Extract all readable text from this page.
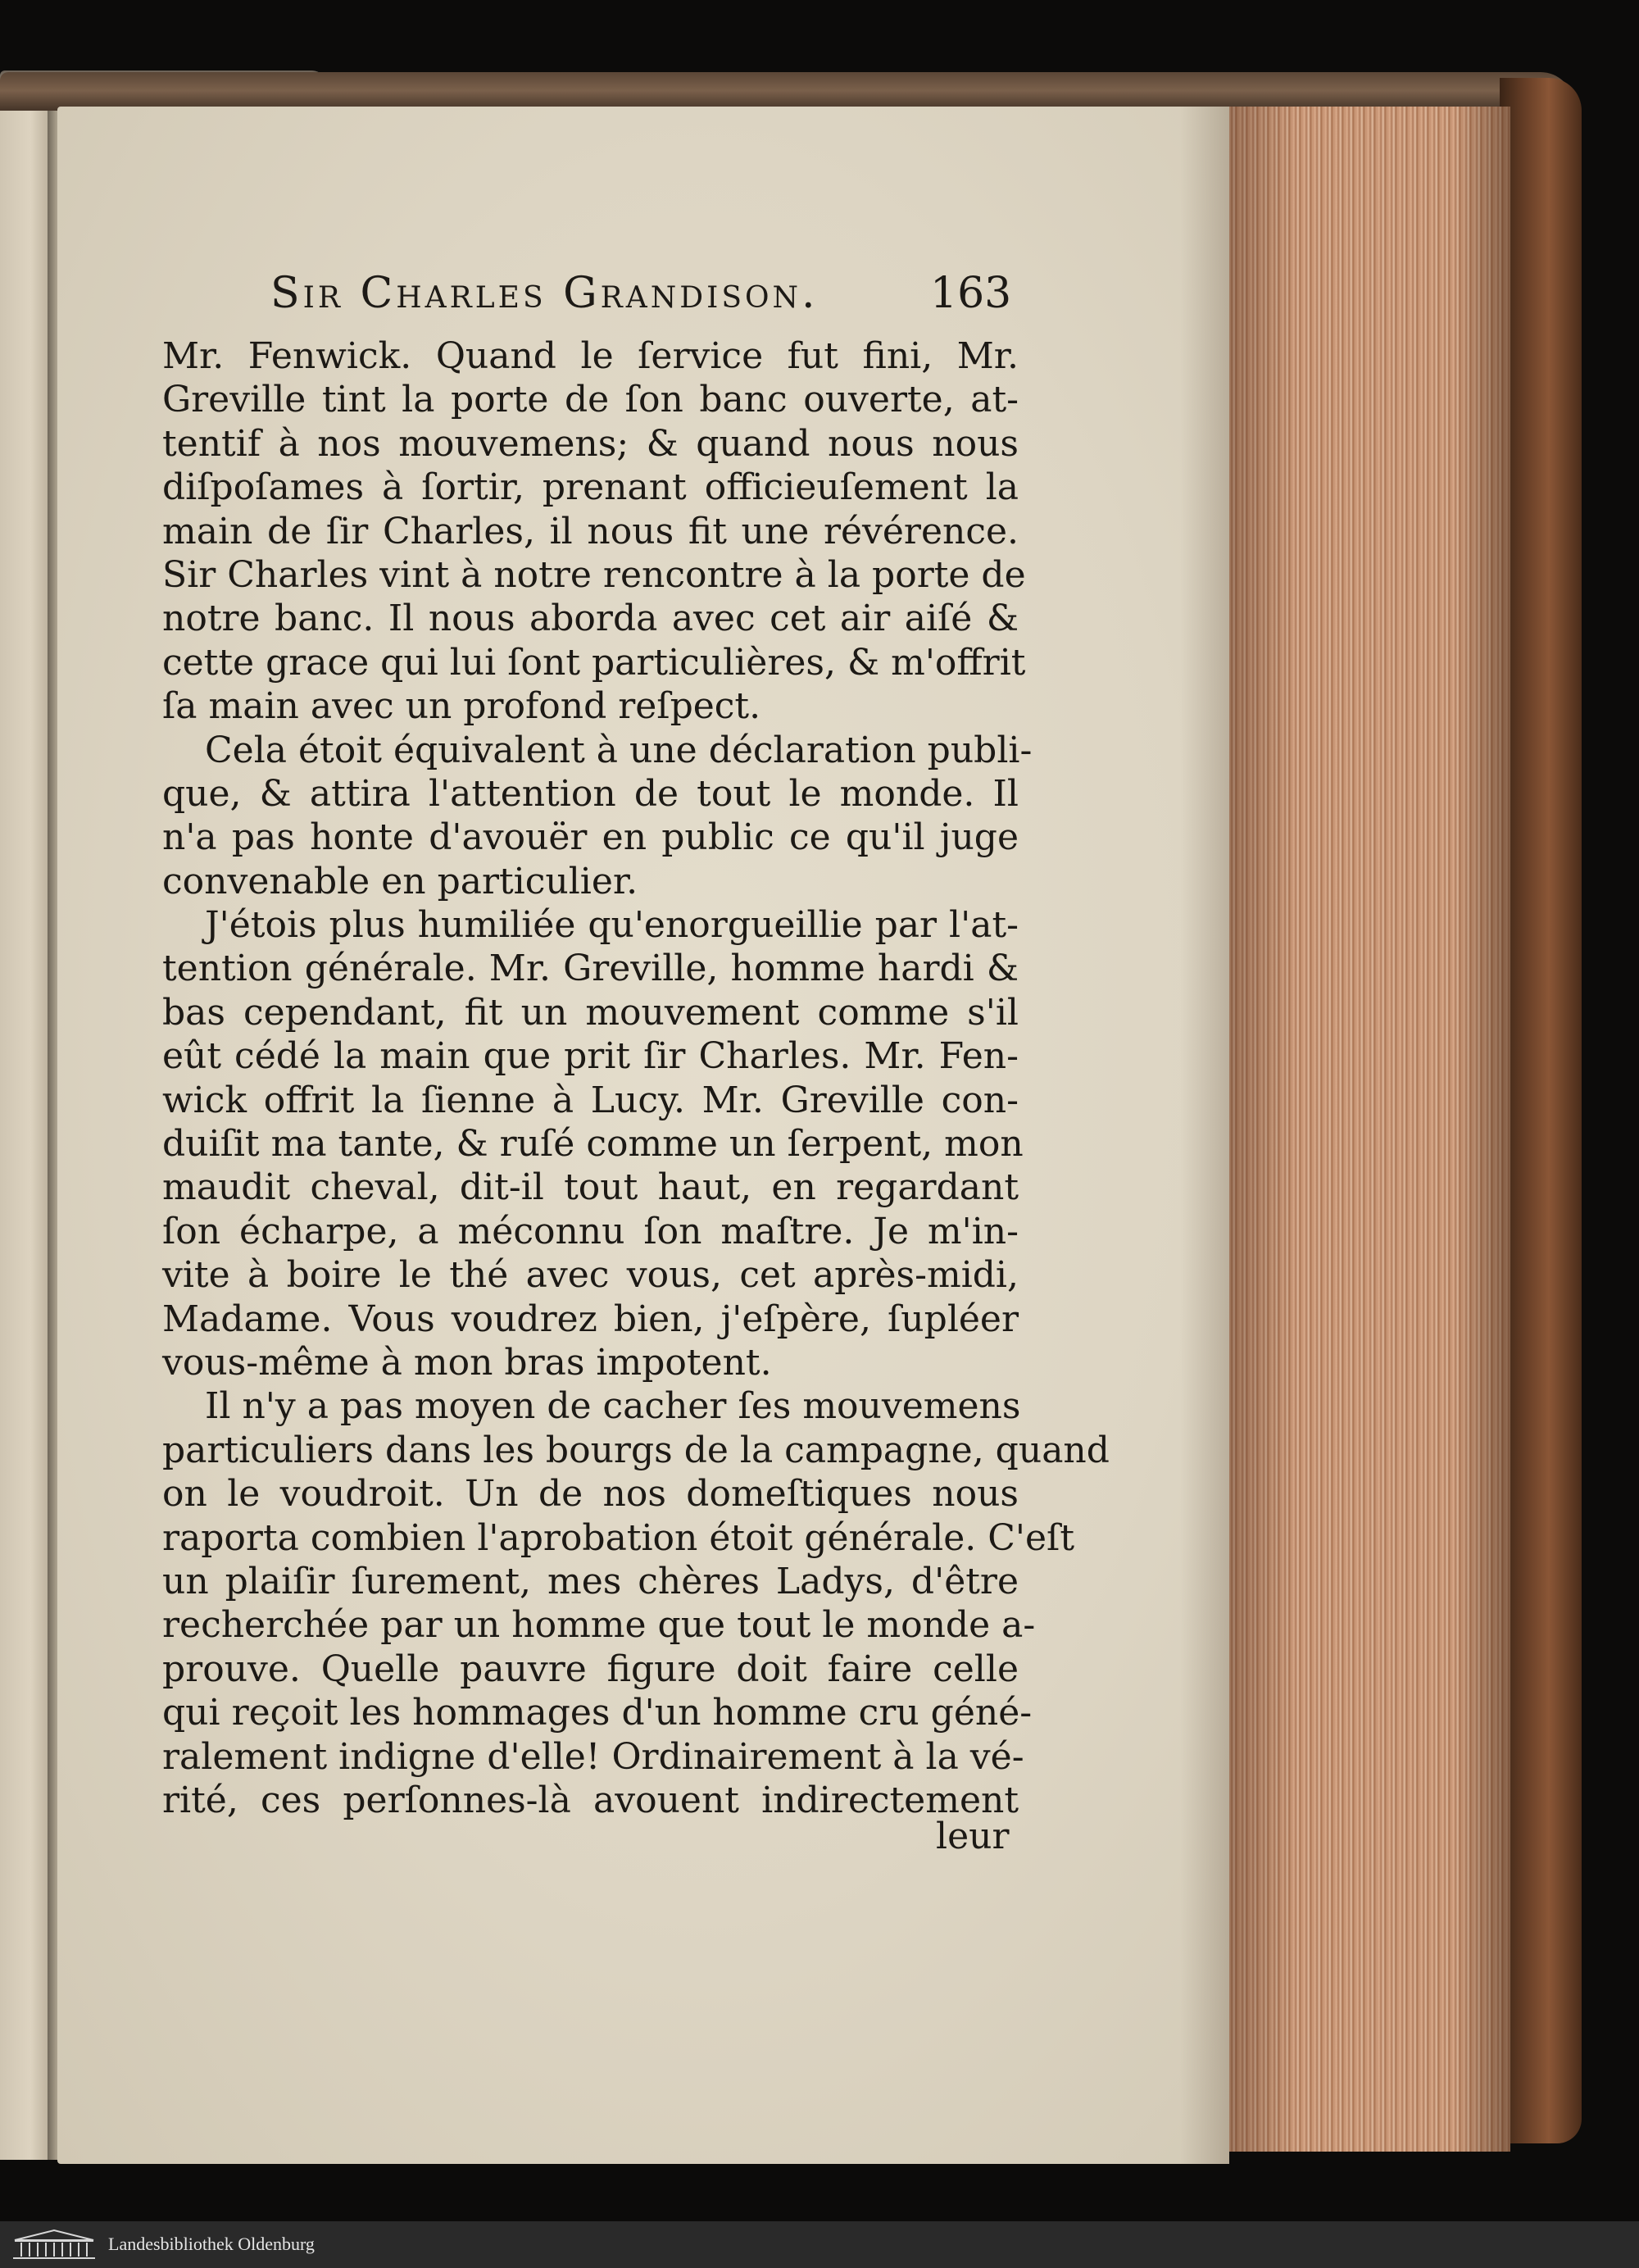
Sir Charles Grandison.	163
Mr. Fenwick. Quand le ſervice fut fini, Mr.
Greville tint la porte de ſon banc ouverte, at-
tentif à nos mouvemens; & quand nous nous
diſpoſames à ſortir, prenant officieuſement la
main de ſir Charles, il nous fit une révérence.
Sir Charles vint à notre rencontre à la porte de
notre banc. Il nous aborda avec cet air aiſé &
cette grace qui lui ſont particulières, & m'offrit
ſa main avec un profond reſpect.
Cela étoit équivalent à une déclaration publi-
que, & attira l'attention de tout le monde. Il
n'a pas honte d'avouër en public ce qu'il juge
convenable en particulier.
J'étois plus humiliée qu'enorgueillie par l'at-
tention générale. Mr. Greville, homme hardi &
bas cependant, fit un mouvement comme s'il
eût cédé la main que prit ſir Charles. Mr. Fen-
wick offrit la ſienne à Lucy. Mr. Greville con-
duiſit ma tante, & ruſé comme un ſerpent, mon
maudit cheval, dit-il tout haut, en regardant
ſon écharpe, a méconnu ſon maſtre. Je m'in-
vite à boire le thé avec vous, cet après-midi,
Madame. Vous voudrez bien, j'eſpère, ſupléer
vous-même à mon bras impotent.
Il n'y a pas moyen de cacher ſes mouvemens
particuliers dans les bourgs de la campagne, quand
on le voudroit. Un de nos domeſtiques nous
raporta combien l'aprobation étoit générale. C'eſt
un plaiſir ſurement, mes chères Ladys, d'être
recherchée par un homme que tout le monde a-
prouve. Quelle pauvre figure doit faire celle
qui reçoit les hommages d'un homme cru géné-
ralement indigne d'elle! Ordinairement à la vé-
rité, ces perſonnes-là avouent indirectement
leur
Landesbibliothek Oldenburg
